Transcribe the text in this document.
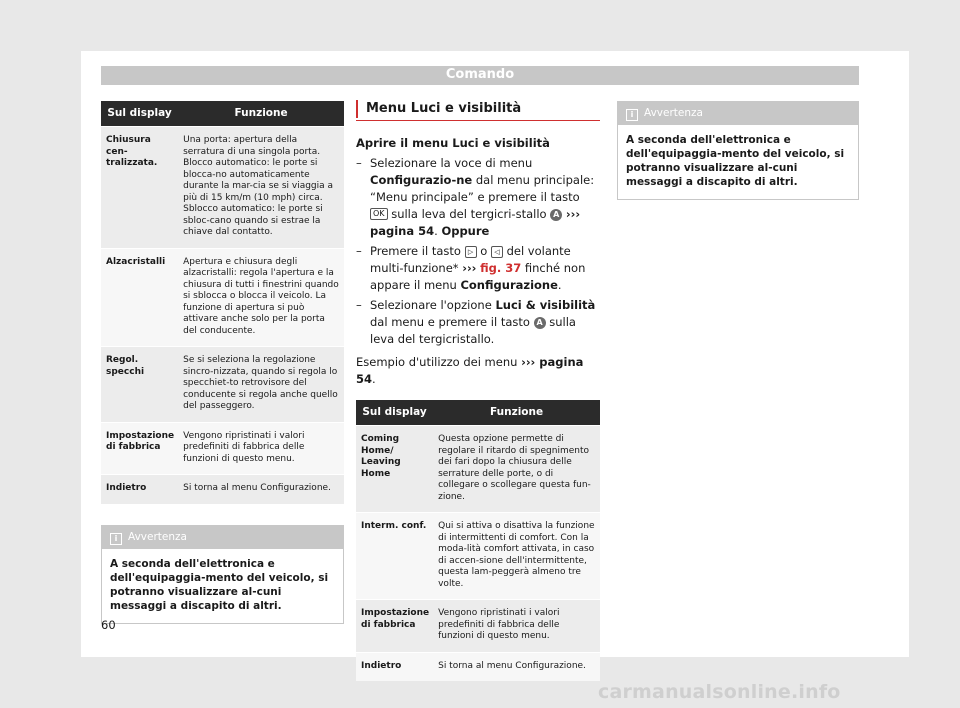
Comando
Sul display	Funzione
Chiusura cen-
tralizzata.	Una porta: apertura della serratura di una singola porta.
Blocco automatico: le porte si blocca-no automaticamente durante la mar-cia se si viaggia a più di 15 km/m (10 mph) circa.
Sblocco automatico: le porte si sbloc-cano quando si estrae la chiave dal contatto.
Alzacristalli	Apertura e chiusura degli alzacristalli: regola l'apertura e la chiusura di tutti i finestrini quando si sblocca o blocca il veicolo. La funzione di apertura si può attivare anche solo per la porta del conducente.
Regol. specchi	Se si seleziona la regolazione sincro-nizzata, quando si regola lo specchiet-to retrovisore del conducente si regola anche quello del passeggero.
Impostazione di fabbrica	Vengono ripristinati i valori predefiniti di fabbrica delle funzioni di questo menu.
Indietro	Si torna al menu Configurazione.
i Avvertenza
A seconda dell'elettronica e dell'equipaggia-mento del veicolo, si potranno visualizzare al-cuni messaggi a discapito di altri.
Menu Luci e visibilità
Aprire il menu Luci e visibilità
– Selezionare la voce di menu Configurazio-ne dal menu principale: “Menu principale” e premere il tasto OK sulla leva del tergicri-stallo A ››› pagina 54. Oppure
– Premere il tasto ▷ o ◁ del volante multi-funzione* ››› fig. 37 finché non appare il menu Configurazione.
– Selezionare l'opzione Luci & visibilità dal menu e premere il tasto A sulla leva del tergicristallo.
Esempio d'utilizzo dei menu ››› pagina 54.
Sul display	Funzione
Coming Home/ Leaving Home	Questa opzione permette di regolare il ritardo di spegnimento dei fari dopo la chiusura delle serrature delle porte, o di collegare o scollegare questa fun-zione.
Interm. conf.	Qui si attiva o disattiva la funzione di intermittenti di comfort. Con la moda-lità comfort attivata, in caso di accen-sione dell'intermittente, questa lam-peggerà almeno tre volte.
Impostazione di fabbrica	Vengono ripristinati i valori predefiniti di fabbrica delle funzioni di questo menu.
Indietro	Si torna al menu Configurazione.
i Avvertenza
A seconda dell'elettronica e dell'equipaggia-mento del veicolo, si potranno visualizzare al-cuni messaggi a discapito di altri.
60
carmanualsonline.info
